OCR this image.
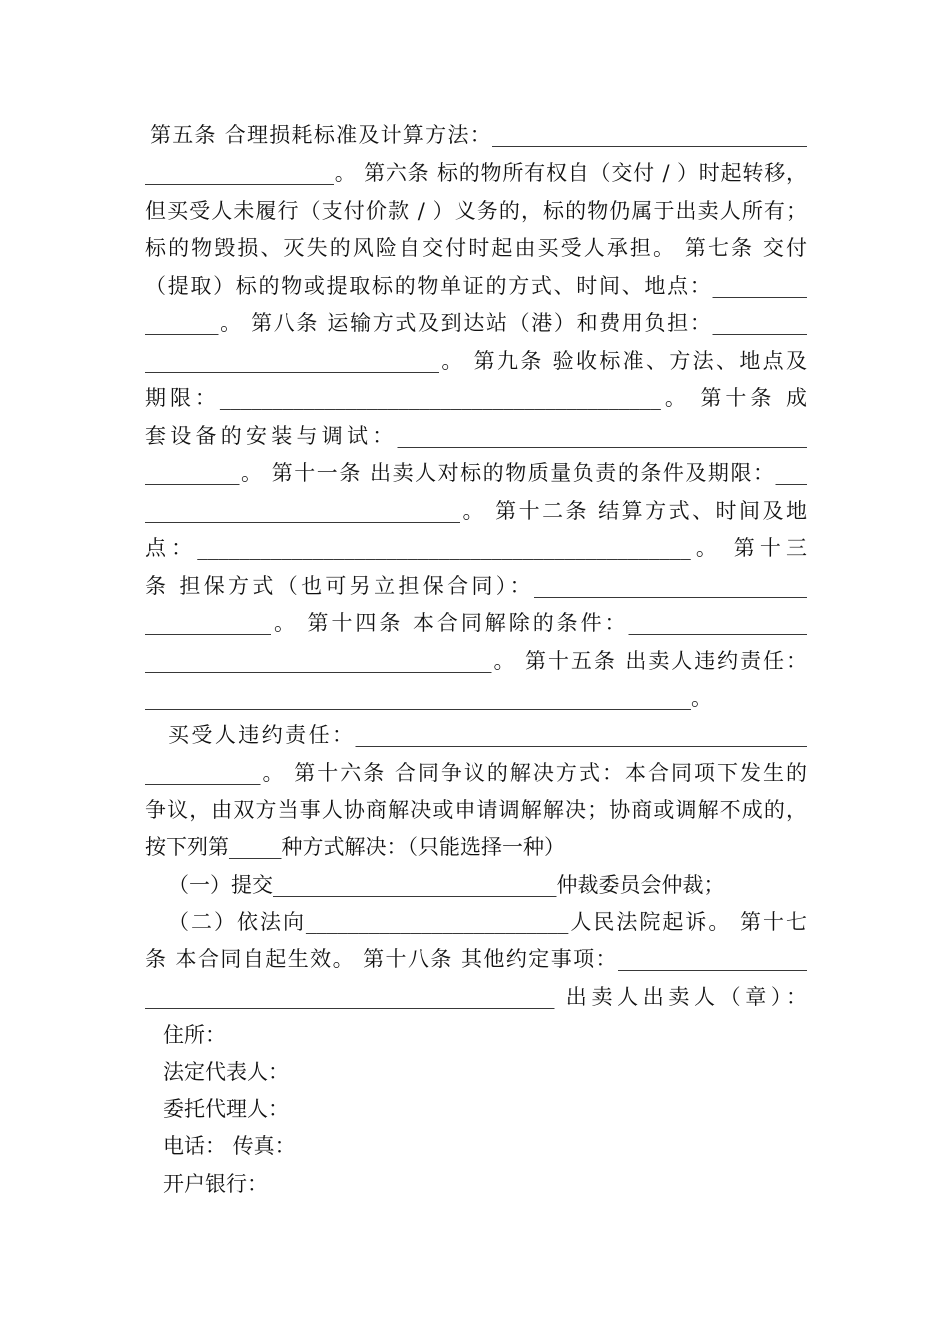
第五条 合理损耗标准及计算方法：______________________________
__________________。 第六条 标的物所有权自（交付 / ）时起转移，
但买受人未履行（支付价款 / ）义务的，标的物仍属于出卖人所有；
标的物毁损、灭失的风险自交付时起由买受人承担。 第七条 交付
（提取）标的物或提取标的物单证的方式、时间、地点：_________
_______。 第八条 运输方式及到达站（港）和费用负担：_________
____________________________。 第九条 验收标准、方法、地点及
期限：__________________________________________。 第十条 成
套设备的安装与调试：_______________________________________
_________。 第十一条 出卖人对标的物质量负责的条件及期限：___
______________________________。 第十二条 结算方式、时间及地
点：_______________________________________________。 第十三
条 担保方式（也可另立担保合同）：__________________________
____________。 第十四条 本合同解除的条件：_________________
_________________________________。 第十五条 出卖人违约责任：
____________________________________________________。
买受人违约责任：___________________________________________
___________。 第十六条 合同争议的解决方式：本合同项下发生的
争议，由双方当事人协商解决或申请调解解决；协商或调解不成的，
按下列第_____种方式解决：（只能选择一种）
（一）提交___________________________仲裁委员会仲裁；
（二）依法向_________________________人民法院起诉。 第十七
条 本合同自起生效。 第十八条 其他约定事项：__________________
_______________________________________ 出卖人出卖人（章）：
住所：
法定代表人：
委托代理人：
电话： 传真：
开户银行：
